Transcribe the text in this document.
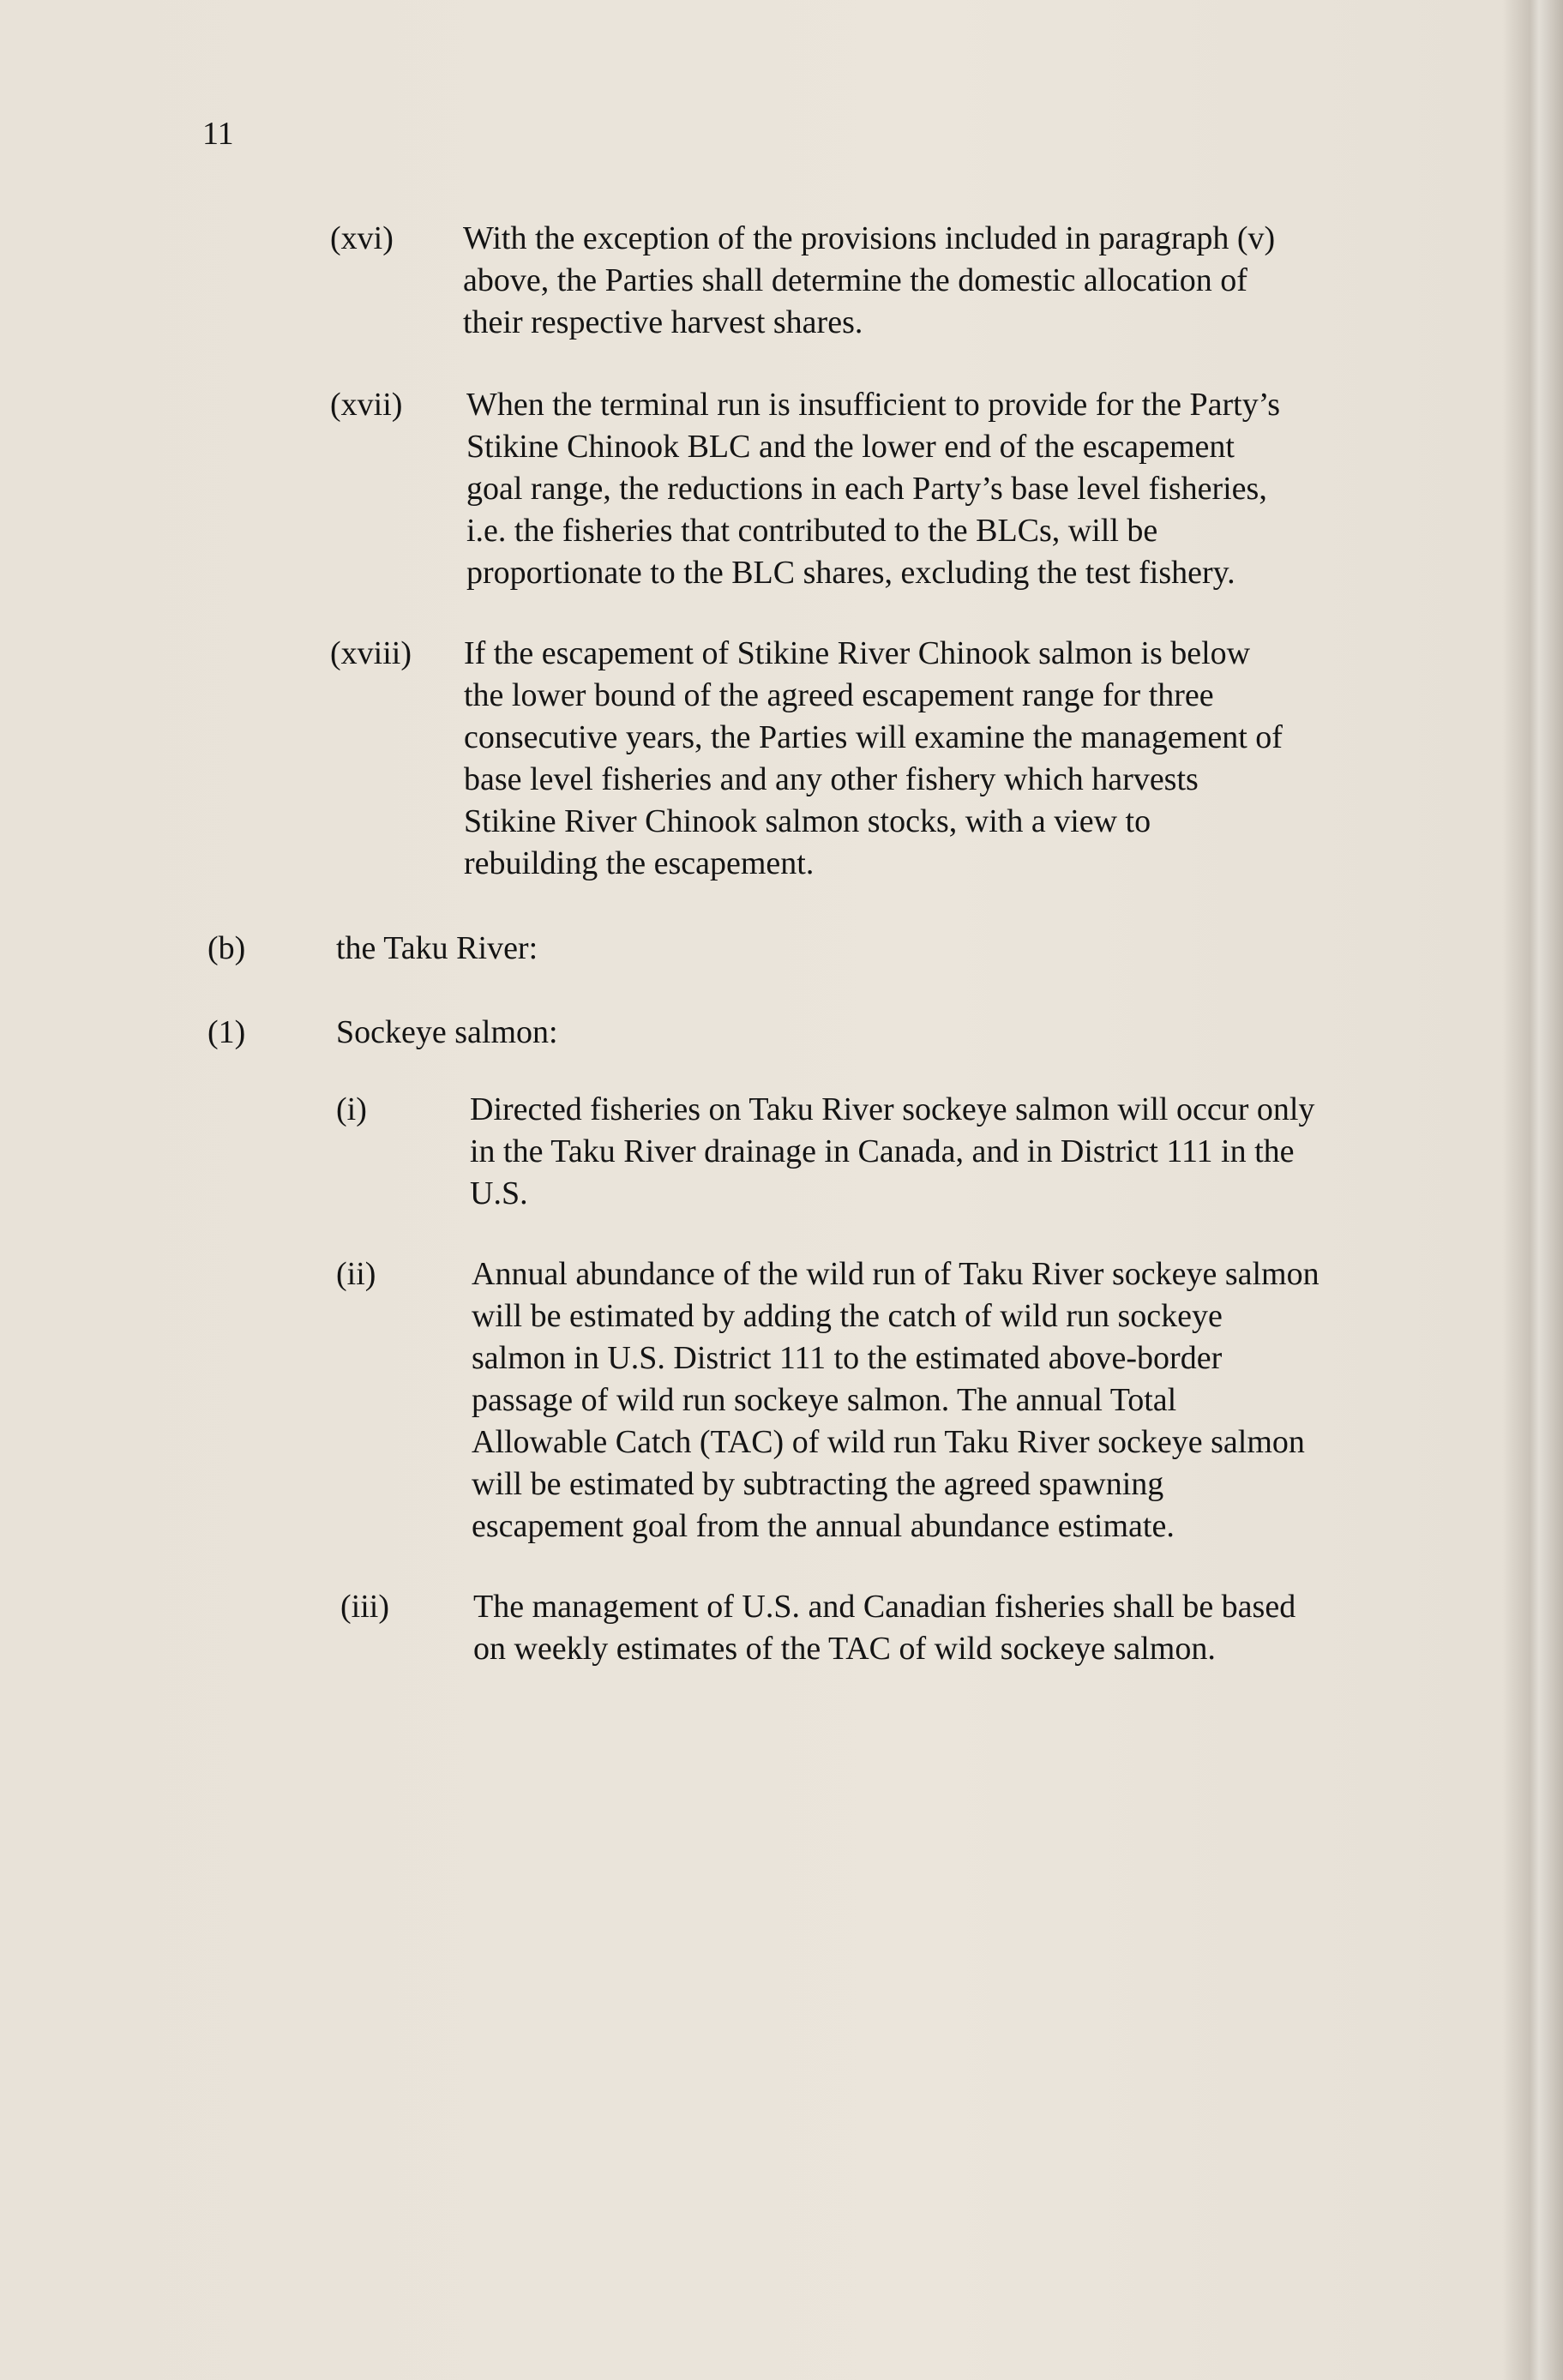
11
(xvi) With the exception of the provisions included in paragraph (v)
above, the Parties shall determine the domestic allocation of
their respective harvest shares.
(xvii) When the terminal run is insufficient to provide for the Party’s
Stikine Chinook BLC and the lower end of the escapement
goal range, the reductions in each Party’s base level fisheries,
i.e. the fisheries that contributed to the BLCs, will be
proportionate to the BLC shares, excluding the test fishery.
(xviii) If the escapement of Stikine River Chinook salmon is below
the lower bound of the agreed escapement range for three
consecutive years, the Parties will examine the management of
base level fisheries and any other fishery which harvests
Stikine River Chinook salmon stocks, with a view to
rebuilding the escapement.
(b)	the Taku River:
(1)	Sockeye salmon:
(i)	Directed fisheries on Taku River sockeye salmon will occur only
in the Taku River drainage in Canada, and in District 111 in the
U.S.
(ii)	Annual abundance of the wild run of Taku River sockeye salmon
will be estimated by adding the catch of wild run sockeye
salmon in U.S. District 111 to the estimated above-border
passage of wild run sockeye salmon. The annual Total
Allowable Catch (TAC) of wild run Taku River sockeye salmon
will be estimated by subtracting the agreed spawning
escapement goal from the annual abundance estimate.
(iii)	The management of U.S. and Canadian fisheries shall be based
on weekly estimates of the TAC of wild sockeye salmon.
